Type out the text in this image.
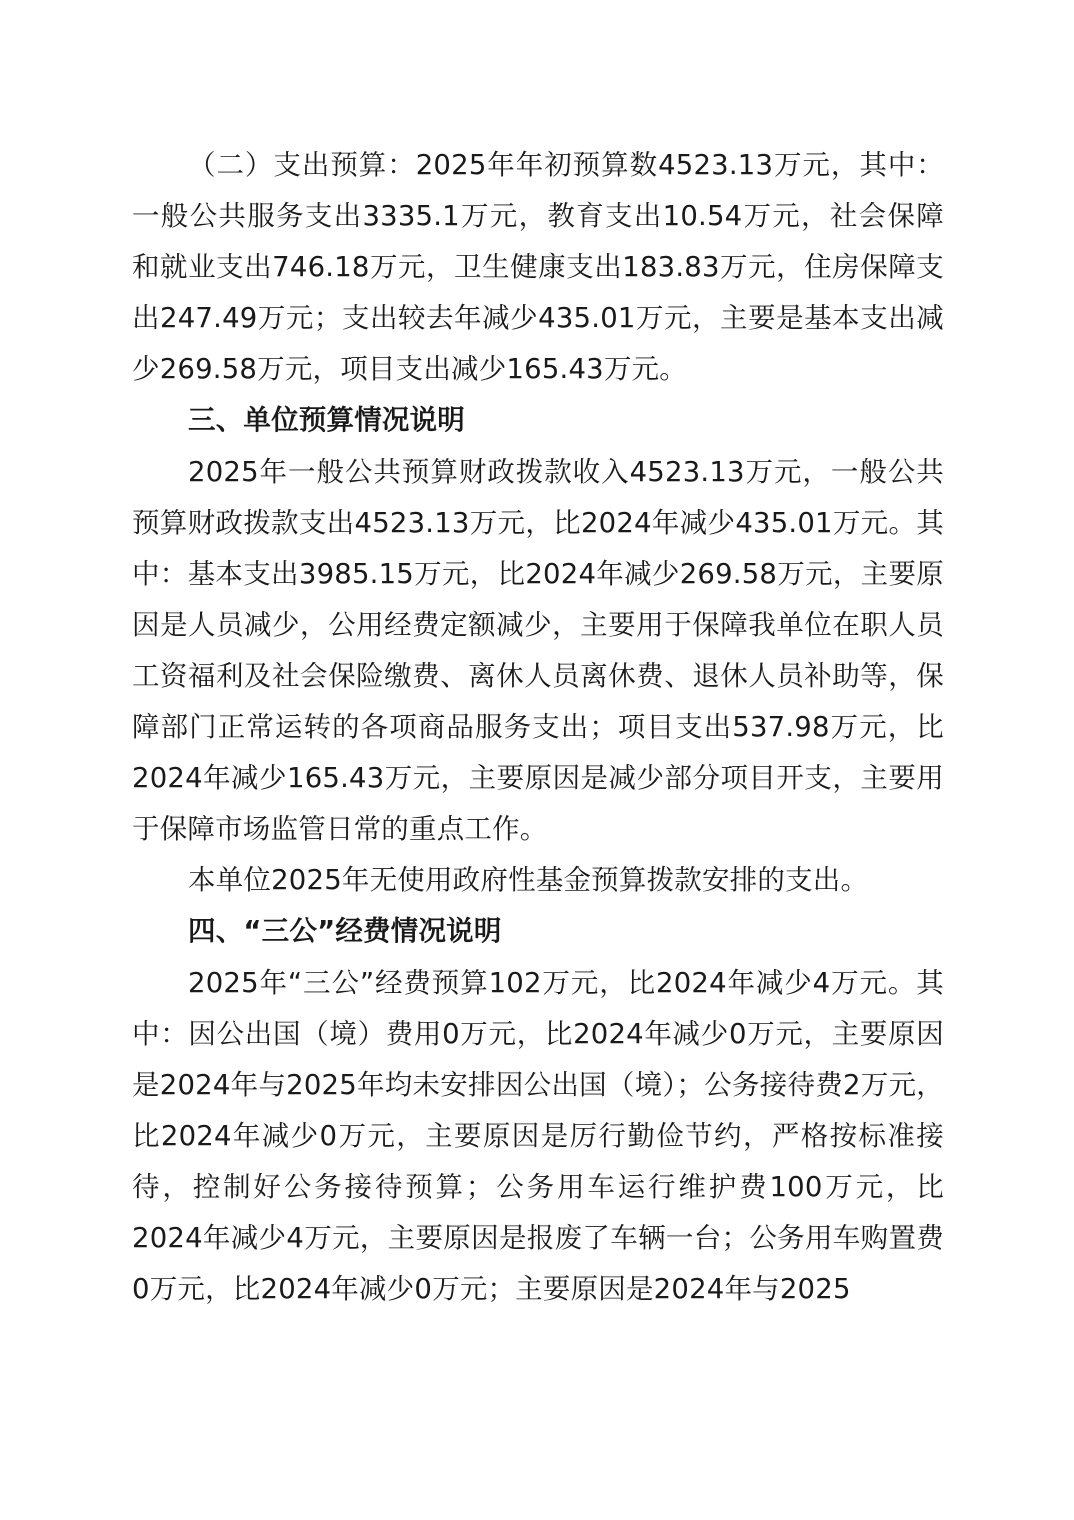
（二）支出预算：2025年年初预算数4523.13万元，其中：一般公共服务支出3335.1万元，教育支出10.54万元，社会保障和就业支出746.18万元，卫生健康支出183.83万元，住房保障支出247.49万元；支出较去年减少435.01万元，主要是基本支出减少269.58万元，项目支出减少165.43万元。

三、单位预算情况说明

2025年一般公共预算财政拨款收入4523.13万元，一般公共预算财政拨款支出4523.13万元，比2024年减少435.01万元。其中：基本支出3985.15万元，比2024年减少269.58万元，主要原因是人员减少，公用经费定额减少，主要用于保障我单位在职人员工资福利及社会保险缴费、离休人员离休费、退休人员补助等，保障部门正常运转的各项商品服务支出；项目支出537.98万元，比2024年减少165.43万元，主要原因是减少部分项目开支，主要用于保障市场监管日常的重点工作。

本单位2025年无使用政府性基金预算拨款安排的支出。

四、“三公”经费情况说明

2025年“三公”经费预算102万元，比2024年减少4万元。其中：因公出国（境）费用0万元，比2024年减少0万元，主要原因是2024年与2025年均未安排因公出国（境）；公务接待费2万元，比2024年减少0万元，主要原因是厉行勤俭节约，严格按标准接待，控制好公务接待预算；公务用车运行维护费100万元，比2024年减少4万元，主要原因是报废了车辆一台；公务用车购置费0万元，比2024年减少0万元；主要原因是2024年与2025
